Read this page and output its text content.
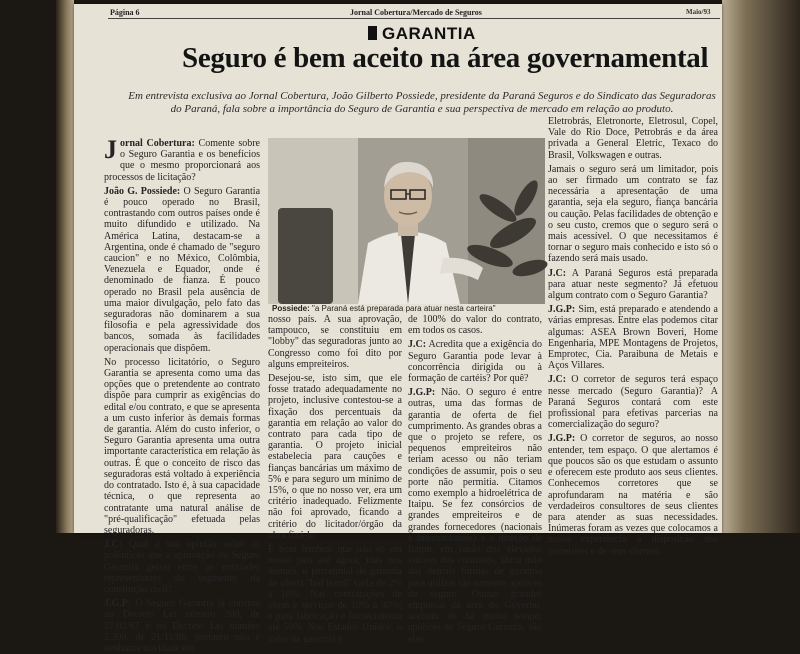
Página 6	Jornal Cobertura/Mercado de Seguros	Maio/93
GARANTIA
Seguro é bem aceito na área governamental
Em entrevista exclusiva ao Jornal Cobertura, João Gilberto Possiede, presidente da Paraná Seguros e do Sindicato das Seguradoras do Paraná, fala sobre a importância do Seguro de Garantia e sua perspectiva de mercado em relação ao produto.

Jornal Cobertura: Comente sobre o Seguro Garantia e os benefícios que o mesmo proporcionará aos processos de licitação?

João G. Possiede: O Seguro Garantia é pouco operado no Brasil, contrastando com outros países onde é muito difundido e utilizado. Na América Latina, destacam-se a Argentina, onde é chamado de "seguro caucion" e no México, Colômbia, Venezuela e Equador, onde é denominado de fianza. É pouco operado no Brasil pela ausência de uma maior divulgação, pelo fato das seguradoras não dominarem a sua filosofia e pela agressividade dos bancos, somada às facilidades operacionais que dispõem.

No processo licitatório, o Seguro Garantia se apresenta como uma das opções que o pretendente ao contrato dispõe para cumprir as exigências do edital e/ou contrato, e que se apresenta a um custo inferior às demais formas de garantia. Além do custo inferior, o Seguro Garantia apresenta uma outra importante característica em relação às outras. É que o conceito de risco das seguradoras está voltado à experiência do contratado. Isto é, à sua capacidade técnica, o que representa ao contratante uma natural análise de "pré-qualificação" efetuada pelas seguradoras.

J.C: Qual a sua opinião sobre as polêmicas que a aprovação do Seguro Garantia gerou entre as entidades representantes do segmento da construção civil?

J.G.P: O Seguro Garantia já constou no Decreto Lei número 200, de 27/02/67 e no Decreto Lei número 2.300, de 21/11/86, portanto não é nenhuma novidade em

Possiede: "a Paraná está preparada para atuar nesta carteira"

nosso país. A sua aprovação, tampouco, se constituiu em "lobby" das seguradoras junto ao Congresso como foi dito por alguns empreiteiros.

Desejou-se, isto sim, que ele fosse tratado adequadamente no projeto, inclusive contestou-se a fixação dos percentuais da garantia em relação ao valor do contrato para cada tipo de garantia. O projeto inicial estabelecia para cauções e fianças bancárias um máximo de 5% e para seguro um mínimo de 15%, o que no nosso ver, era um critério inadequado. Felizmente não foi aprovado, ficando a critério do licitador/órgão da obra fixá-lo.

É bom lembrar que não só em nosso país até agora, mas nos demais, o percentual de garantia de oferta "bid bond" varia de 2% a 10%. Nas contratações de obras e serviços de 10% a 30%; e para fabricação e fornecimento até 50%. Nos Estados Unidos, o valor da garantia é

de 100% do valor do contrato, em todos os casos.

J.C: Acredita que a exigência do Seguro Garantia pode levar à concorrência dirigida ou à formação de cartéis? Por quê?

J.G.P: Não. O seguro é entre outras, uma das formas de garantia de oferta de fiel cumprimento. As grandes obras a que o projeto se refere, os pequenos empreiteiros não teriam acesso ou não teriam condições de assumir, pois o seu porte não permitia. Citamos como exemplo a hidroelétrica de Itaipu. Se fez consórcios de grandes empreiteiros e de grandes fornecedores (nacionais e internacionais) e a direção de Itaipu, em razão dos elevados valores dos contratos, abriu mão das demais formas de garantia para utilizar tão somente apólices de seguro. Outras grandes empresas da área do Governo, aceitam de há muito tempo, apólices de Seguro Garantia, são elas:

Eletrobrás, Eletronorte, Eletrosul, Copel, Vale do Rio Doce, Petrobrás e da área privada a General Eletric, Texaco do Brasil, Volkswagen e outras.

Jamais o seguro será um limitador, pois ao ser firmado um contrato se faz necessária a apresentação de uma garantia, seja ela seguro, fiança bancária ou caução. Pelas facilidades de obtenção e o seu custo, cremos que o seguro será o mais acessível. O que necessitamos é tornar o seguro mais conhecido e isto só o fazendo será mais usado.

J.C: A Paraná Seguros está preparada para atuar neste segmento? Já efetuou algum contrato com o Seguro Garantia?

J.G.P: Sim, está preparado e atendendo a várias empresas. Entre elas podemos citar algumas: ASEA Brown Boveri, Home Engenharia, MPE Montagens de Projetos, Emprotec, Cia. Paraibuna de Metais e Aços Villares.

J.C: O corretor de seguros terá espaço nesse mercado (Seguro Garantia)? A Paraná Seguros contará com este profissional para efetivas parcerias na comercialização do seguro?

J.G.P: O corretor de seguros, ao nosso entender, tem espaço. O que alertamos é que poucos são os que estudam o assunto e oferecem este produto aos seus clientes. Conhecemos corretores que se aprofundaram na matéria e são verdadeiros consultores de seus clientes para atender as suas necessidades. Inúmeras foram as vezes que colocamos a nossa experiência à disposição dos corretores e de seus clientes.
